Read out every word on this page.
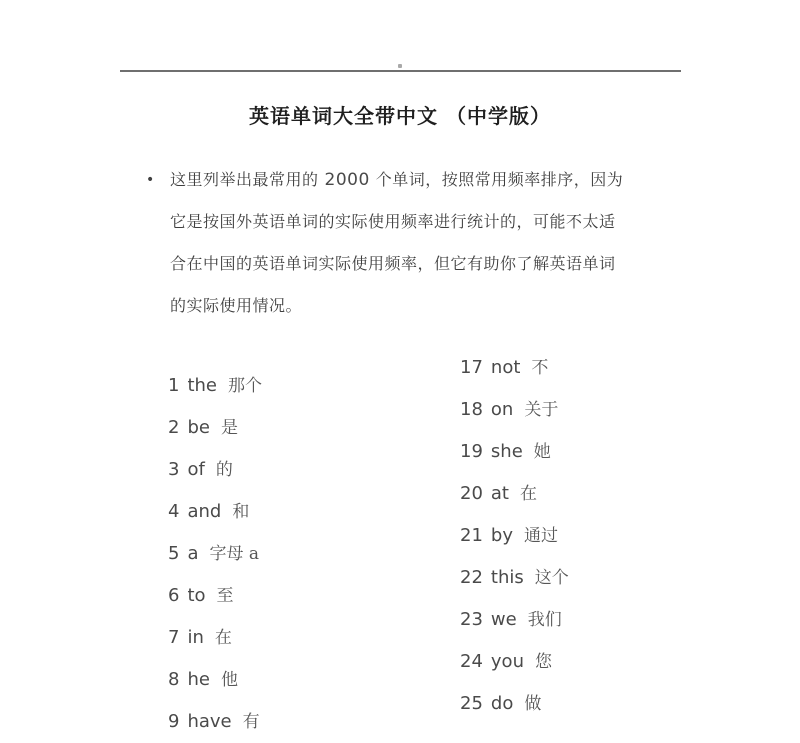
英语单词大全带中文 （中学版）
• 这里列举出最常用的 2000 个单词，按照常用频率排序，因为
它是按国外英语单词的实际使用频率进行统计的，可能不太适
合在中国的英语单词实际使用频率，但它有助你了解英语单词
的实际使用情况。
1 the 那个
2 be 是
3 of 的
4 and 和
5 a 字母 a
6 to 至
7 in 在
8 he 他
9 have 有
17 not 不
18 on 关于
19 she 她
20 at 在
21 by 通过
22 this 这个
23 we 我们
24 you 您
25 do 做
